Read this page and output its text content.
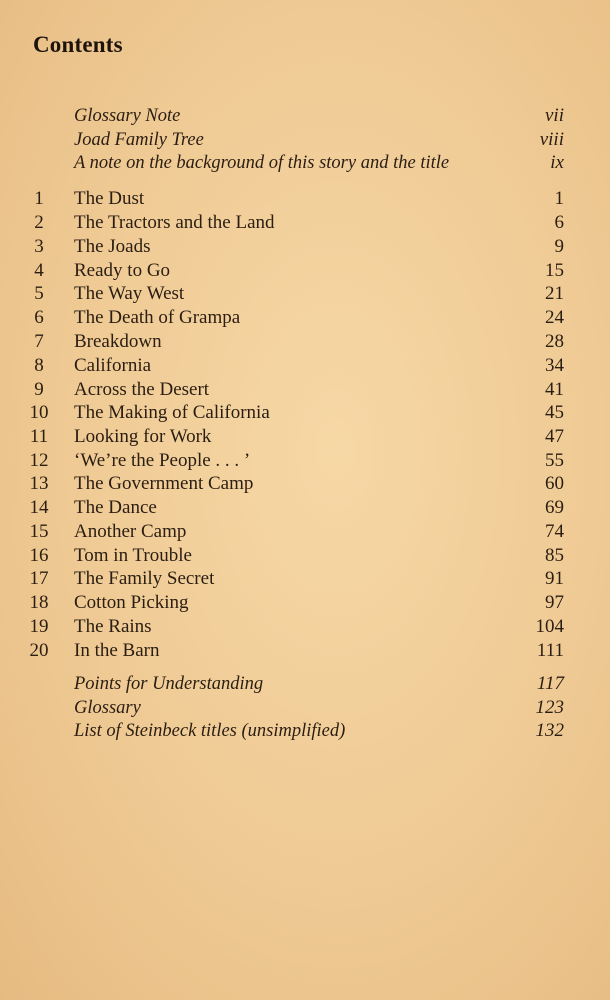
Contents
Glossary Note	vii
Joad Family Tree	viii
A note on the background of this story and the title	ix
1	The Dust	1
2	The Tractors and the Land	6
3	The Joads	9
4	Ready to Go	15
5	The Way West	21
6	The Death of Grampa	24
7	Breakdown	28
8	California	34
9	Across the Desert	41
10	The Making of California	45
11	Looking for Work	47
12	‘We’re the People . . . ’	55
13	The Government Camp	60
14	The Dance	69
15	Another Camp	74
16	Tom in Trouble	85
17	The Family Secret	91
18	Cotton Picking	97
19	The Rains	104
20	In the Barn	111
Points for Understanding	117
Glossary	123
List of Steinbeck titles (unsimplified)	132
